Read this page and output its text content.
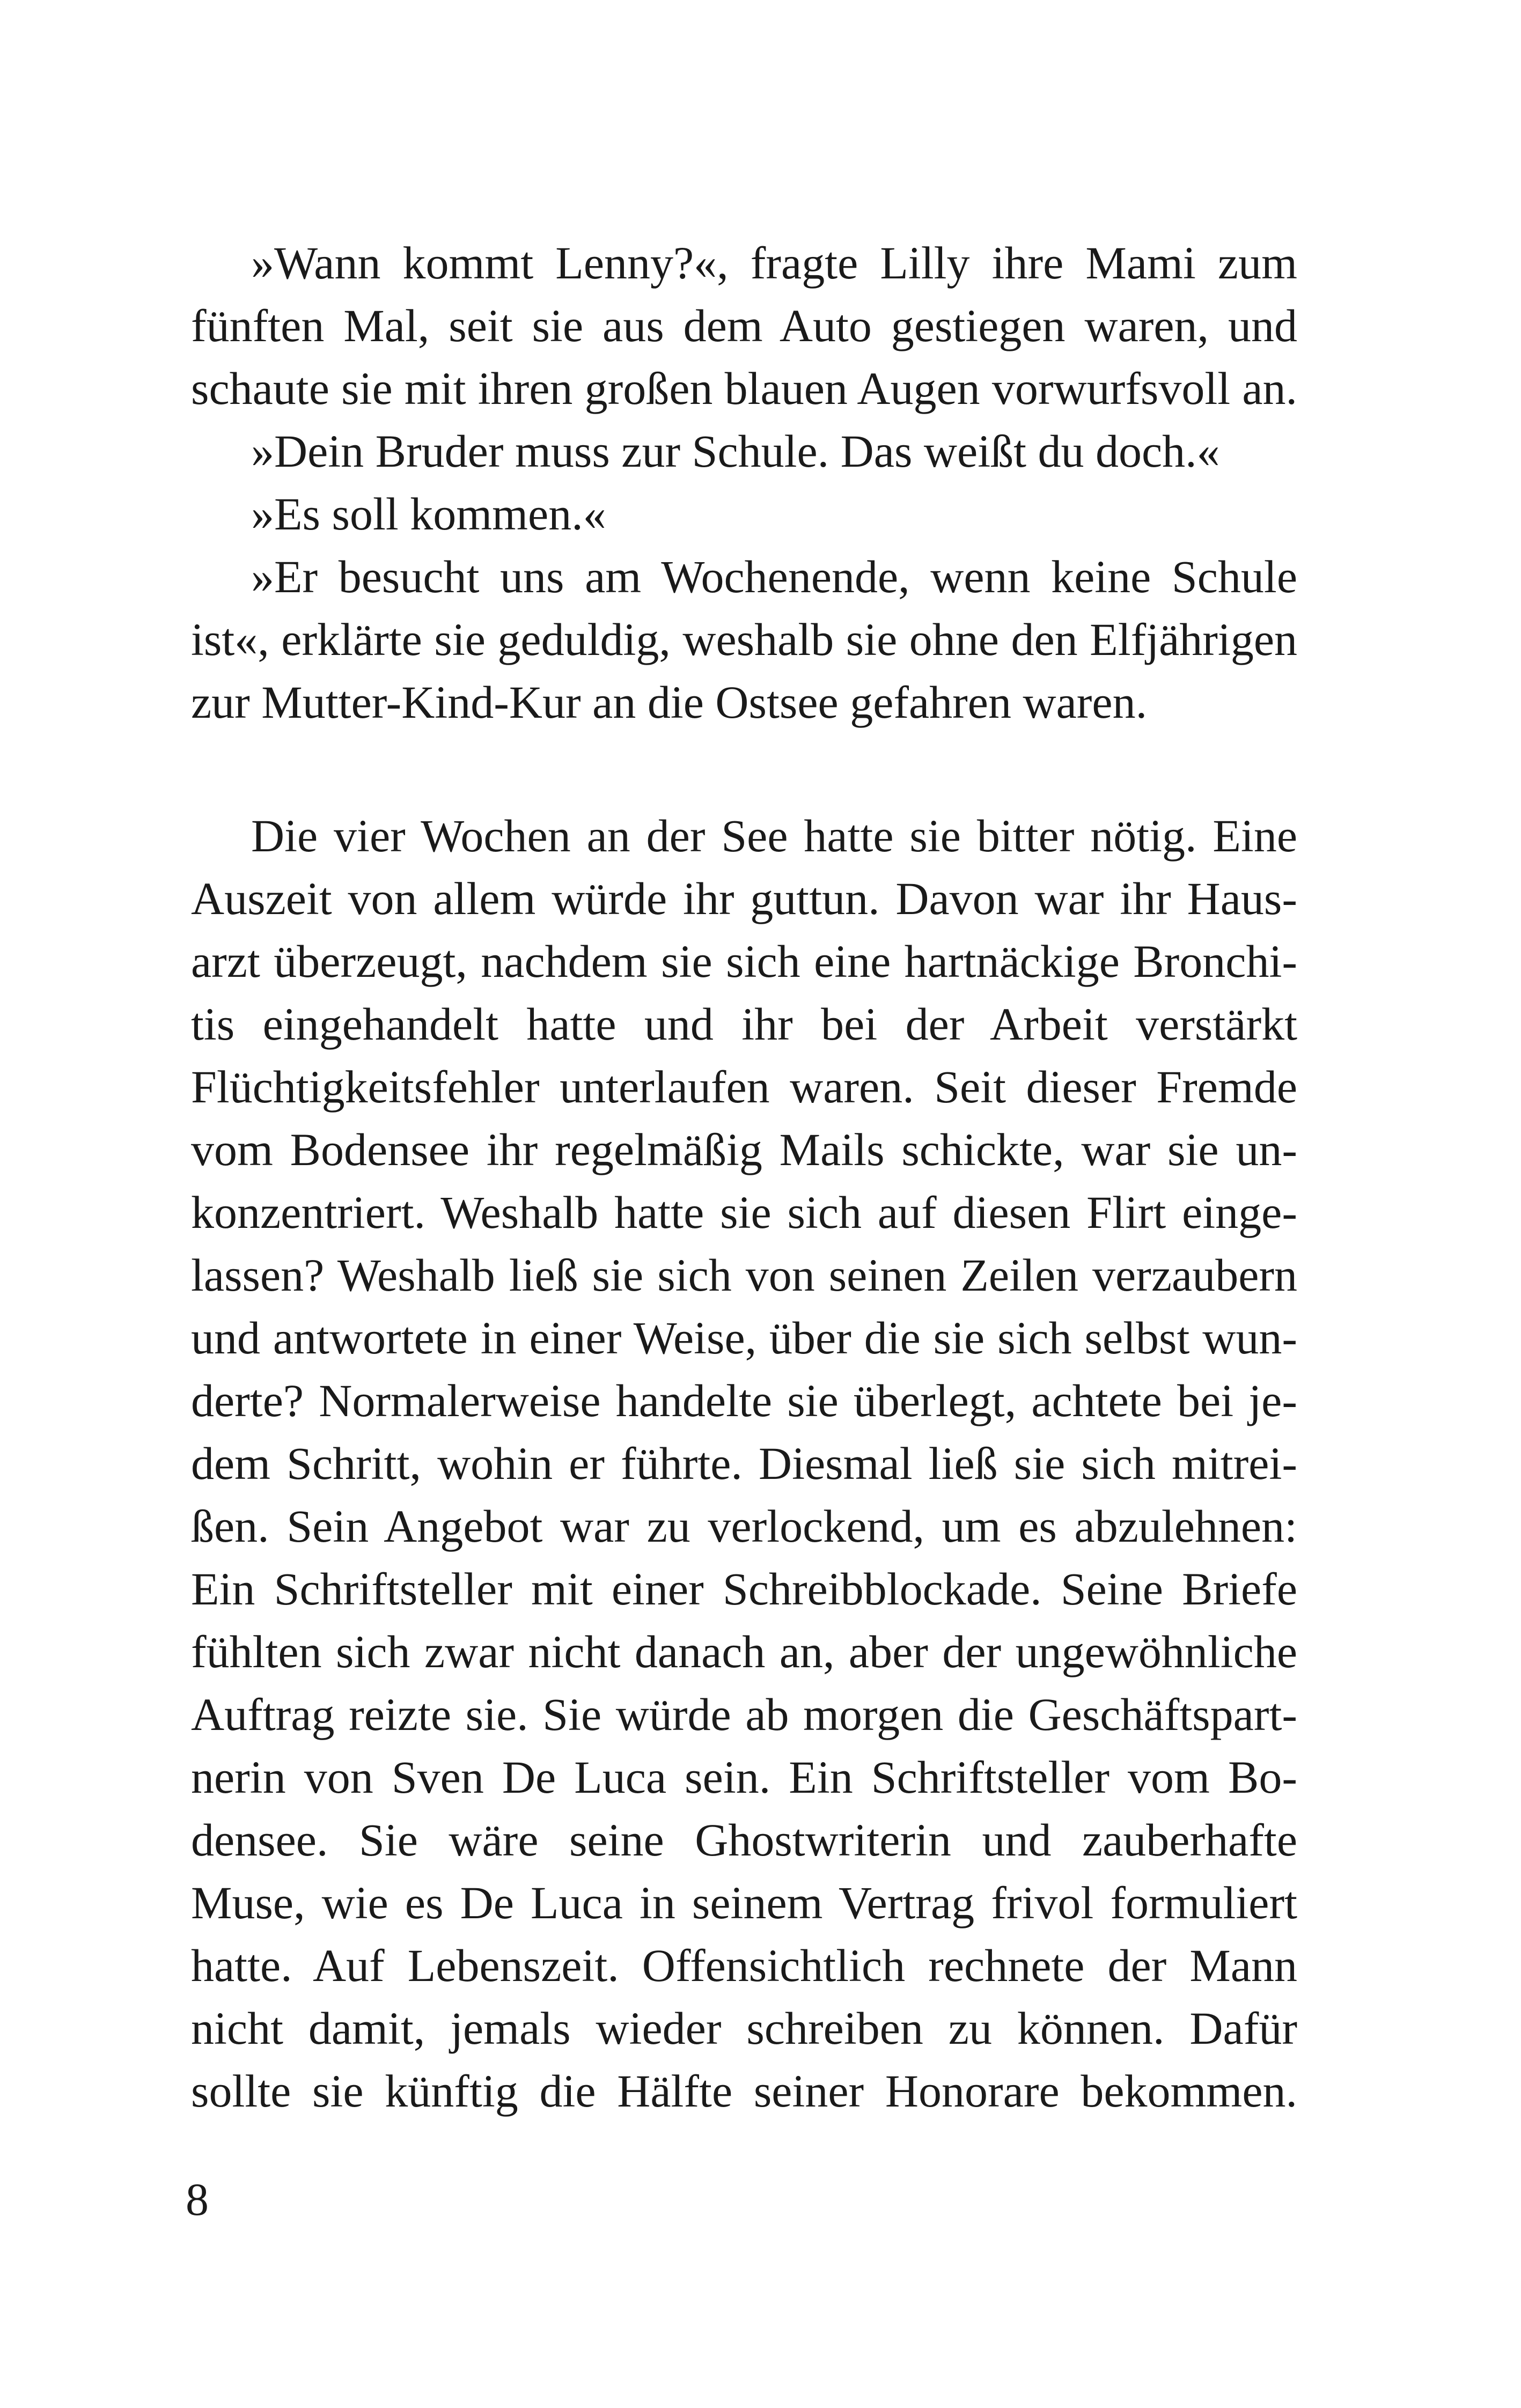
»Wann kommt Lenny?«, fragte Lilly ihre Mami zum
fünften Mal, seit sie aus dem Auto gestiegen waren, und
schaute sie mit ihren großen blauen Augen vorwurfsvoll an.
»Dein Bruder muss zur Schule. Das weißt du doch.«
»Es soll kommen.«
»Er besucht uns am Wochenende, wenn keine Schule
ist«, erklärte sie geduldig, weshalb sie ohne den Elfjährigen
zur Mutter-Kind-Kur an die Ostsee gefahren waren.
Die vier Wochen an der See hatte sie bitter nötig. Eine
Auszeit von allem würde ihr guttun. Davon war ihr Haus-
arzt überzeugt, nachdem sie sich eine hartnäckige Bronchi-
tis eingehandelt hatte und ihr bei der Arbeit verstärkt
Flüchtigkeitsfehler unterlaufen waren. Seit dieser Fremde
vom Bodensee ihr regelmäßig Mails schickte, war sie un-
konzentriert. Weshalb hatte sie sich auf diesen Flirt einge-
lassen? Weshalb ließ sie sich von seinen Zeilen verzaubern
und antwortete in einer Weise, über die sie sich selbst wun-
derte? Normalerweise handelte sie überlegt, achtete bei je-
dem Schritt, wohin er führte. Diesmal ließ sie sich mitrei-
ßen. Sein Angebot war zu verlockend, um es abzulehnen:
Ein Schriftsteller mit einer Schreibblockade. Seine Briefe
fühlten sich zwar nicht danach an, aber der ungewöhnliche
Auftrag reizte sie. Sie würde ab morgen die Geschäftspart-
nerin von Sven De Luca sein. Ein Schriftsteller vom Bo-
densee. Sie wäre seine Ghostwriterin und zauberhafte
Muse, wie es De Luca in seinem Vertrag frivol formuliert
hatte. Auf Lebenszeit. Offensichtlich rechnete der Mann
nicht damit, jemals wieder schreiben zu können. Dafür
sollte sie künftig die Hälfte seiner Honorare bekommen.
8
